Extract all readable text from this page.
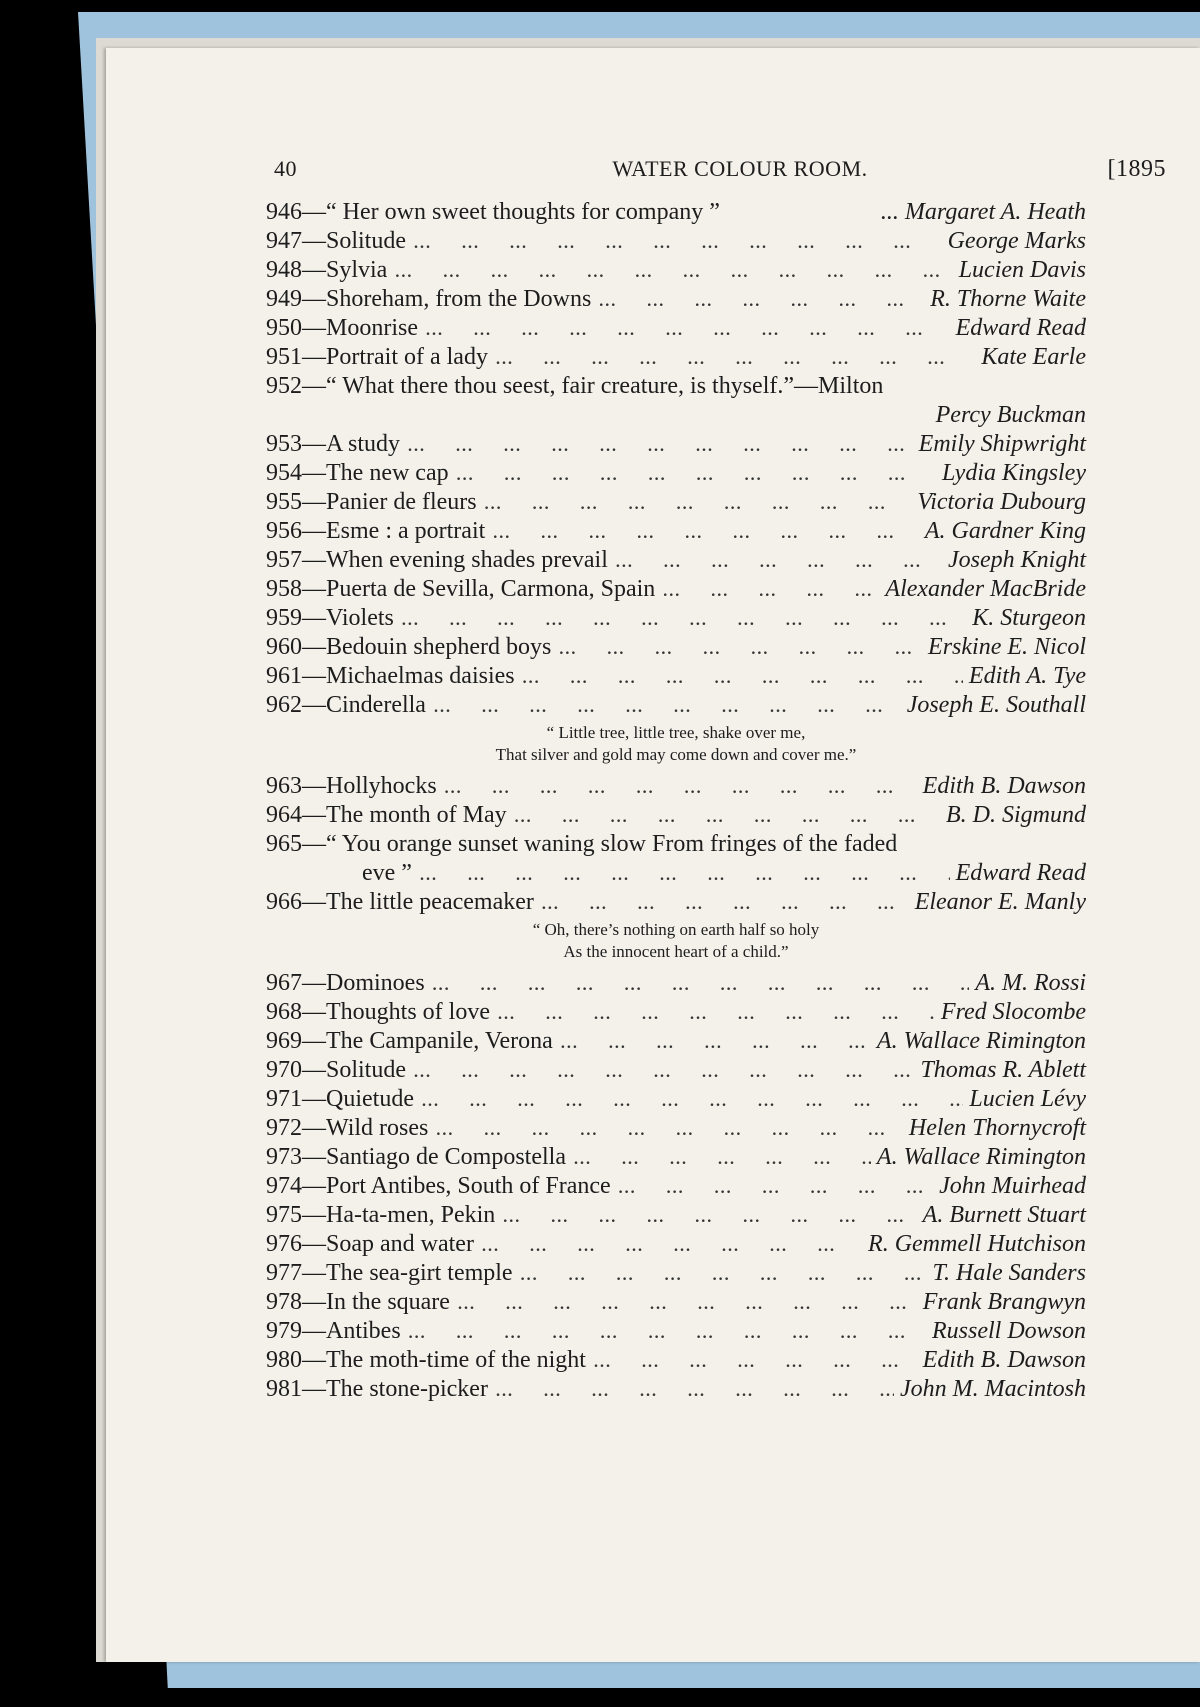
40	WATER COLOUR ROOM.	[1895
946—“ Her own sweet thoughts for company ”	... Margaret A. Heath
947—Solitude ...	George Marks
948—Sylvia ...	Lucien Davis
949—Shoreham, from the Downs ...	R. Thorne Waite
950—Moonrise ...	Edward Read
951—Portrait of a lady ...	Kate Earle
952—“ What there thou seest, fair creature, is thyself.”—Milton
Percy Buckman
953—A study ...	Emily Shipwright
954—The new cap ...	Lydia Kingsley
955—Panier de fleurs ...	Victoria Dubourg
956—Esme : a portrait ...	A. Gardner King
957—When evening shades prevail ...	Joseph Knight
958—Puerta de Sevilla, Carmona, Spain ...	Alexander MacBride
959—Violets ...	K. Sturgeon
960—Bedouin shepherd boys ...	Erskine E. Nicol
961—Michaelmas daisies ...	Edith A. Tye
962—Cinderella ...	Joseph E. Southall
“ Little tree, little tree, shake over me,
That silver and gold may come down and cover me.”
963—Hollyhocks ...	Edith B. Dawson
964—The month of May ...	B. D. Sigmund
965—“ You orange sunset waning slow From fringes of the faded
eve ” ...	Edward Read
966—The little peacemaker ...	Eleanor E. Manly
“ Oh, there’s nothing on earth half so holy
As the innocent heart of a child.”
967—Dominoes ...	A. M. Rossi
968—Thoughts of love ...	Fred Slocombe
969—The Campanile, Verona ...	A. Wallace Rimington
970—Solitude ...	Thomas R. Ablett
971—Quietude ...	Lucien Lévy
972—Wild roses ...	Helen Thornycroft
973—Santiago de Compostella ...	A. Wallace Rimington
974—Port Antibes, South of France ...	John Muirhead
975—Ha-ta-men, Pekin ...	A. Burnett Stuart
976—Soap and water ...	R. Gemmell Hutchison
977—The sea-girt temple ...	T. Hale Sanders
978—In the square ...	Frank Brangwyn
979—Antibes ...	Russell Dowson
980—The moth-time of the night ...	Edith B. Dawson
981—The stone-picker ...	John M. Macintosh
